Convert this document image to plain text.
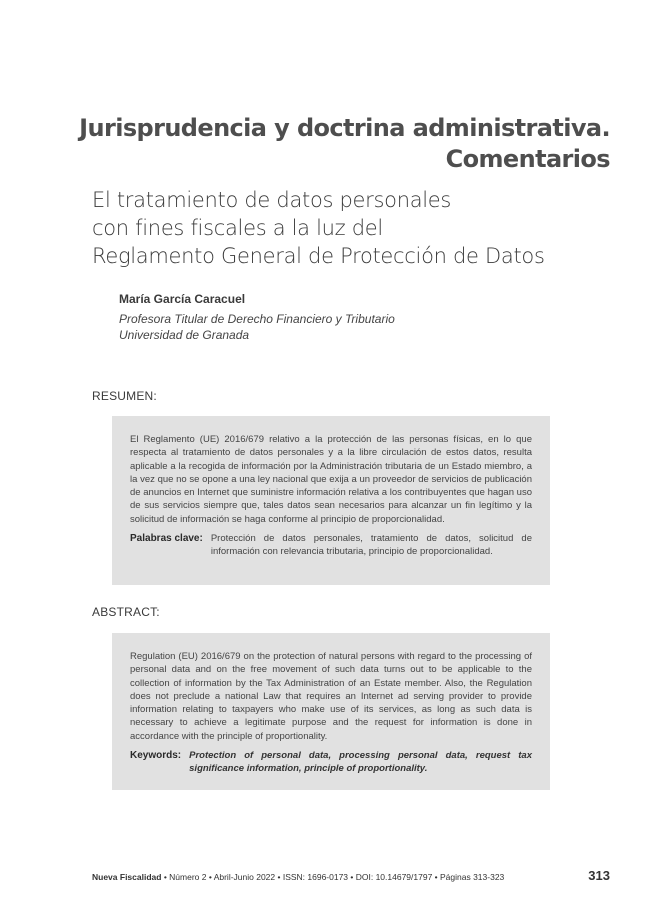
Jurisprudencia y doctrina administrativa.
Comentarios
El tratamiento de datos personales
con fines fiscales a la luz del
Reglamento General de Protección de Datos
María García Caracuel
Profesora Titular de Derecho Financiero y Tributario
Universidad de Granada
RESUMEN:

El Reglamento (UE) 2016/679 relativo a la protección de las personas físicas, en lo que respecta al tratamiento de datos personales y a la libre circulación de estos datos, resulta aplicable a la recogida de información por la Administración tributaria de un Estado miembro, a la vez que no se opone a una ley nacional que exija a un proveedor de servicios de publicación de anuncios en Internet que suministre información relativa a los contribuyentes que hagan uso de sus servicios siempre que, tales datos sean necesarios para alcanzar un fin legítimo y la solicitud de información se haga conforme al principio de proporcionalidad.

Palabras clave: Protección de datos personales, tratamiento de datos, solicitud de información con relevancia tributaria, principio de proporcionalidad.
ABSTRACT:

Regulation (EU) 2016/679 on the protection of natural persons with regard to the processing of personal data and on the free movement of such data turns out to be applicable to the collection of information by the Tax Administration of an Estate member. Also, the Regulation does not preclude a national Law that requires an Internet ad serving provider to provide information relating to taxpayers who make use of its services, as long as such data is necessary to achieve a legitimate purpose and the request for information is done in accordance with the principle of proportionality.

Keywords: Protection of personal data, processing personal data, request tax significance information, principle of proportionality.
Nueva Fiscalidad • Número 2 • Abril-Junio 2022 • ISSN: 1696-0173 • DOI: 10.14679/1797 • Páginas 313-323	313
